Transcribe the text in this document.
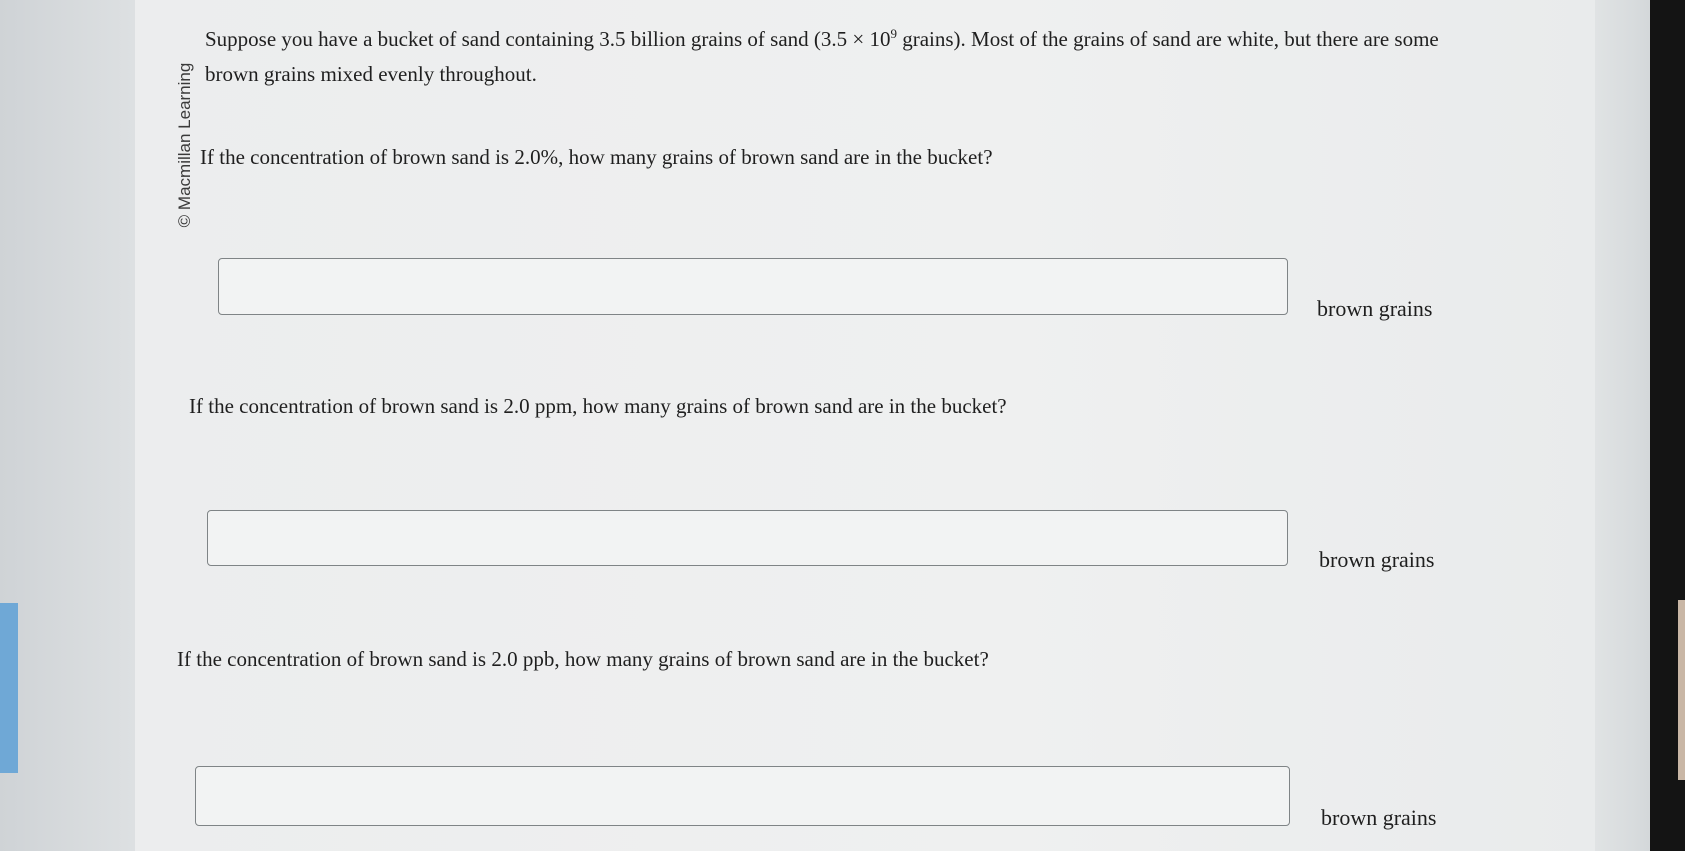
© Macmillan Learning

Suppose you have a bucket of sand containing 3.5 billion grains of sand ($3.5 \times 10^9$ grains). Most of the grains of sand are white, but there are some brown grains mixed evenly throughout.

If the concentration of brown sand is 2.0%, how many grains of brown sand are in the bucket?

brown grains

If the concentration of brown sand is 2.0 ppm, how many grains of brown sand are in the bucket?

brown grains

If the concentration of brown sand is 2.0 ppb, how many grains of brown sand are in the bucket?

brown grains
